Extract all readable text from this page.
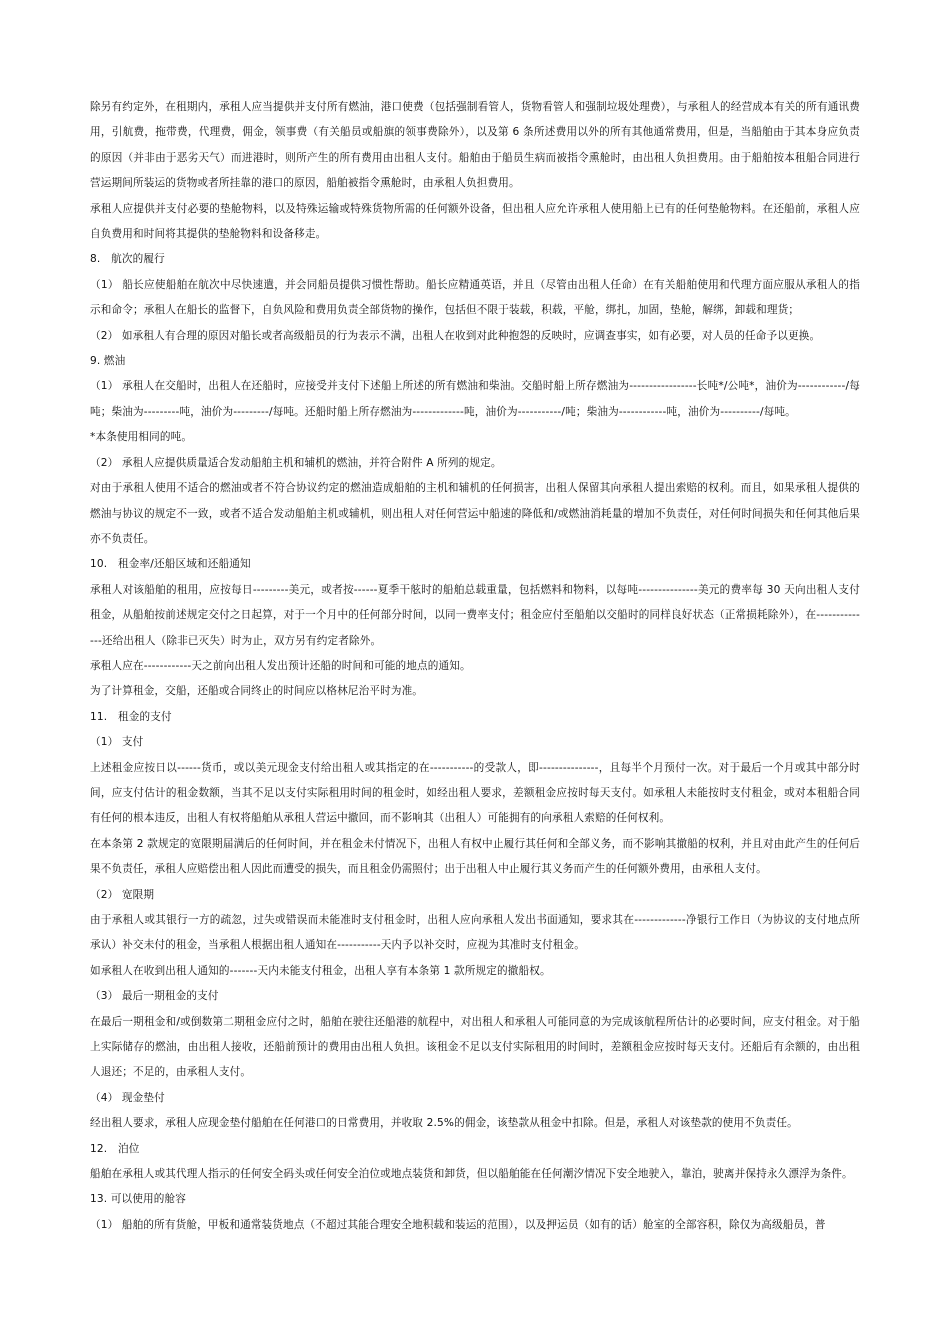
除另有约定外，在租期内，承租人应当提供并支付所有燃油，港口使费（包括强制看管人，货物看管人和强制垃圾处理费），与承租人的经营成本有关的所有通讯费用，引航费，拖带费，代理费，佣金，领事费（有关船员或船旗的领事费除外），以及第 6 条所述费用以外的所有其他通常费用，但是，当船舶由于其本身应负责的原因（并非由于恶劣天气）而进港时，则所产生的所有费用由出租人支付。船舶由于船员生病而被指令熏舱时，由出租人负担费用。由于船舶按本租船合同进行营运期间所装运的货物或者所挂靠的港口的原因，船舶被指令熏舱时，由承租人负担费用。

承租人应提供并支付必要的垫舱物料，以及特殊运输或特殊货物所需的任何额外设备，但出租人应允许承租人使用船上已有的任何垫舱物料。在还船前，承租人应自负费用和时间将其提供的垫舱物料和设备移走。

8.　航次的履行

（1） 船长应使船舶在航次中尽快速遣，并会同船员提供习惯性帮助。船长应精通英语，并且（尽管由出租人任命）在有关船舶使用和代理方面应服从承租人的指示和命令；承租人在船长的监督下，自负风险和费用负责全部货物的操作，包括但不限于装载，积载，平舱，绑扎，加固，垫舱，解绑，卸载和理货；

（2） 如承租人有合理的原因对船长或者高级船员的行为表示不满，出租人在收到对此种抱怨的反映时，应调查事实，如有必要，对人员的任命予以更换。

9. 燃油

（1） 承租人在交船时，出租人在还船时，应接受并支付下述船上所述的所有燃油和柴油。交船时船上所存燃油为-----------------长吨*/公吨*，油价为------------/每吨；柴油为---------吨，油价为---------/每吨。还船时船上所存燃油为-------------吨，油价为-----------/吨；柴油为------------吨，油价为----------/每吨。

*本条使用相同的吨。

（2） 承租人应提供质量适合发动船舶主机和辅机的燃油，并符合附件 A 所列的规定。

对由于承租人使用不适合的燃油或者不符合协议约定的燃油造成船舶的主机和辅机的任何损害，出租人保留其向承租人提出索赔的权利。而且，如果承租人提供的燃油与协议的规定不一致，或者不适合发动船舶主机或辅机，则出租人对任何营运中船速的降低和/或燃油消耗量的增加不负责任，对任何时间损失和任何其他后果亦不负责任。

10.　租金率/还船区域和还船通知

承租人对该船舶的租用，应按每日---------美元，或者按------夏季干舷时的船舶总载重量，包括燃料和物料，以每吨---------------美元的费率每 30 天向出租人支付租金，从船舶按前述规定交付之日起算，对于一个月中的任何部分时间，以同一费率支付；租金应付至船舶以交船时的同样良好状态（正常损耗除外），在--------------还给出租人（除非已灭失）时为止，双方另有约定者除外。

承租人应在------------天之前向出租人发出预计还船的时间和可能的地点的通知。

为了计算租金，交船，还船或合同终止的时间应以格林尼治平时为准。

11.　租金的支付

（1） 支付

上述租金应按日以------货币，或以美元现金支付给出租人或其指定的在-----------的受款人，即---------------，且每半个月预付一次。对于最后一个月或其中部分时间，应支付估计的租金数额，当其不足以支付实际租用时间的租金时，如经出租人要求，差额租金应按时每天支付。如承租人未能按时支付租金，或对本租船合同有任何的根本违反，出租人有权将船舶从承租人营运中撤回，而不影响其（出租人）可能拥有的向承租人索赔的任何权利。

在本条第 2 款规定的宽限期届满后的任何时间，并在租金未付情况下，出租人有权中止履行其任何和全部义务，而不影响其撤船的权利，并且对由此产生的任何后果不负责任，承租人应赔偿出租人因此而遭受的损失，而且租金仍需照付；出于出租人中止履行其义务而产生的任何额外费用，由承租人支付。

（2） 宽限期

由于承租人或其银行一方的疏忽，过失或错误而未能准时支付租金时，出租人应向承租人发出书面通知，要求其在-------------净银行工作日（为协议的支付地点所承认）补交未付的租金，当承租人根据出租人通知在-----------天内予以补交时，应视为其准时支付租金。

如承租人在收到出租人通知的-------天内未能支付租金，出租人享有本条第 1 款所规定的撤船权。

（3） 最后一期租金的支付

在最后一期租金和/或倒数第二期租金应付之时，船舶在驶往还船港的航程中，对出租人和承租人可能同意的为完成该航程所估计的必要时间，应支付租金。对于船上实际储存的燃油，由出租人接收，还船前预计的费用由出租人负担。该租金不足以支付实际租用的时间时，差额租金应按时每天支付。还船后有余额的，由出租人退还；不足的，由承租人支付。

（4） 现金垫付

经出租人要求，承租人应现金垫付船舶在任何港口的日常费用，并收取 2.5%的佣金，该垫款从租金中扣除。但是，承租人对该垫款的使用不负责任。

12.　泊位

船舶在承租人或其代理人指示的任何安全码头或任何安全泊位或地点装货和卸货，但以船舶能在任何潮汐情况下安全地驶入，靠泊，驶离并保持永久漂浮为条件。

13. 可以使用的舱容

（1） 船舶的所有货舱，甲板和通常装货地点（不超过其能合理安全地积载和装运的范围），以及押运员（如有的话）舱室的全部容积，除仅为高级船员，普
